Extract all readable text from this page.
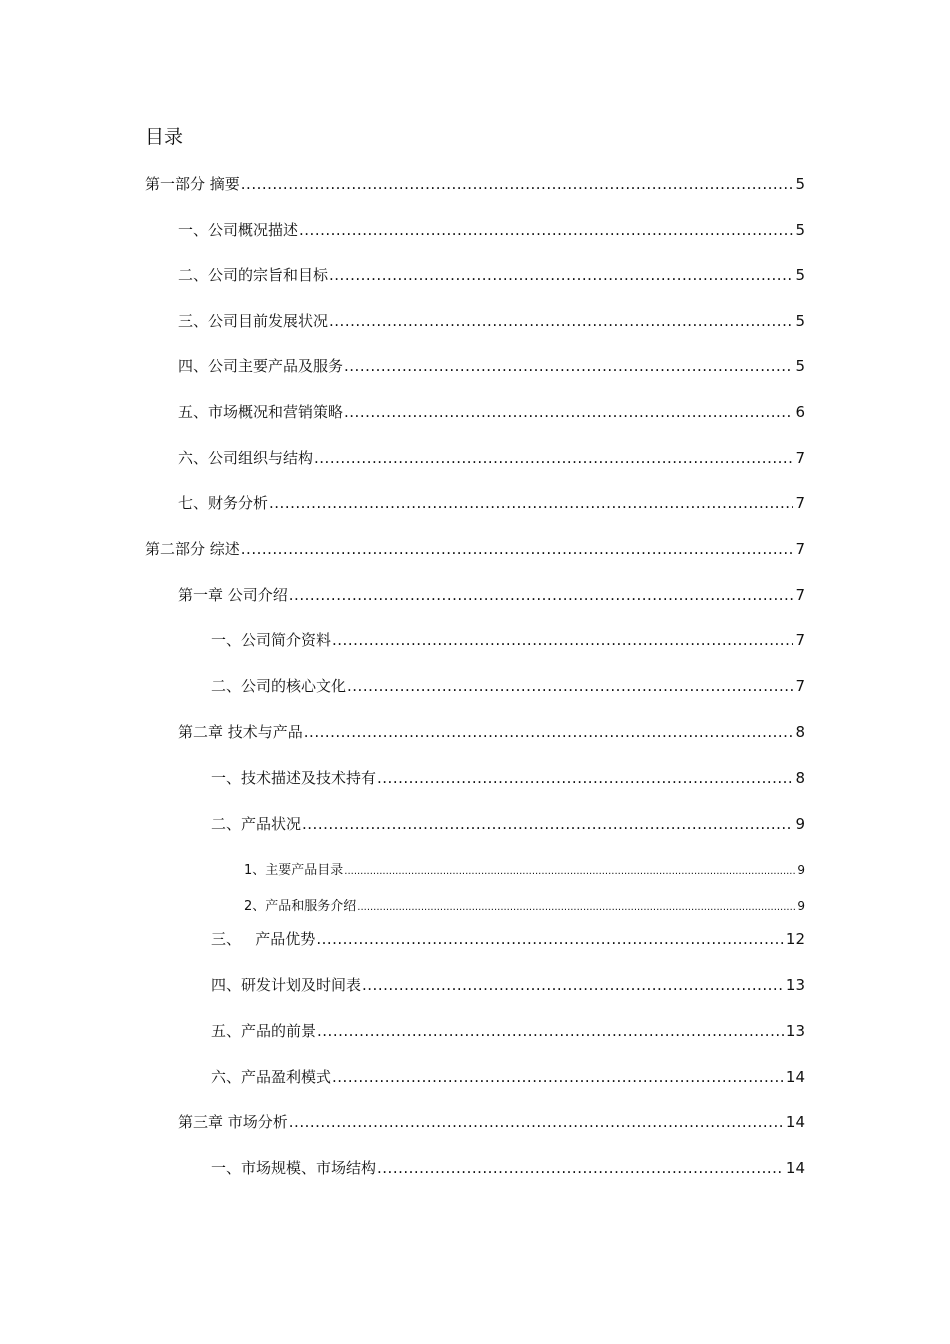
目录
第一部分 摘要 .....	5
一、公司概况描述 .....	5
二、公司的宗旨和目标 .....	5
三、公司目前发展状况 .....	5
四、公司主要产品及服务 .....	5
五、市场概况和营销策略 .....	6
六、公司组织与结构 .....	7
七、财务分析 .....	7
第二部分 综述 .....	7
第一章 公司介绍 .....	7
一、公司简介资料 .....	7
二、公司的核心文化 .....	7
第二章 技术与产品 .....	8
一、技术描述及技术持有 .....	8
二、产品状况 .....	9
1、主要产品目录 .....	9
2、产品和服务介绍 .....	9
三、   产品优势 .....	12
四、研发计划及时间表 .....	13
五、产品的前景 .....	13
六、产品盈利模式 .....	14
第三章 市场分析 .....	14
一、市场规模、市场结构 .....	14
